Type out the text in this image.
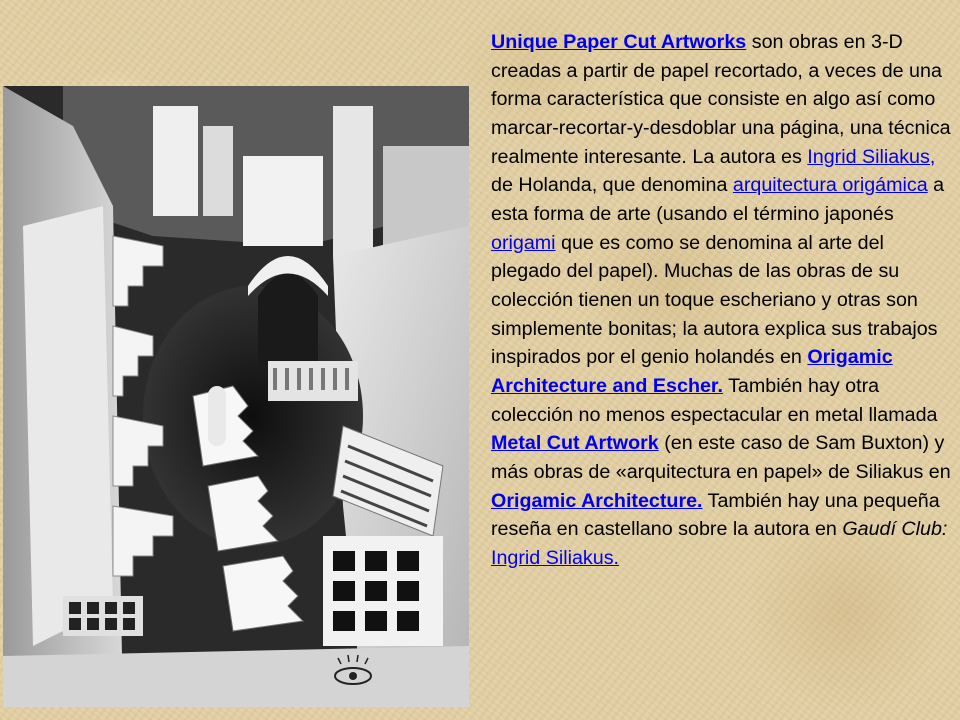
Unique Paper Cut Artworks son obras en 3-D creadas a partir de papel recortado, a veces de una forma característica que consiste en algo así como marcar-recortar-y-desdoblar una página, una técnica realmente interesante. La autora es Ingrid Siliakus, de Holanda, que denomina arquitectura origámica a esta forma de arte (usando el término japonés origami que es como se denomina al arte del plegado del papel). Muchas de las obras de su colección tienen un toque escheriano y otras son simplemente bonitas; la autora explica sus trabajos inspirados por el genio holandés en Origamic Architecture and Escher. También hay otra colección no menos espectacular en metal llamada Metal Cut Artwork (en este caso de Sam Buxton) y más obras de «arquitectura en papel» de Siliakus en Origamic Architecture. También hay una pequeña reseña en castellano sobre la autora en Gaudí Club: Ingrid Siliakus.
